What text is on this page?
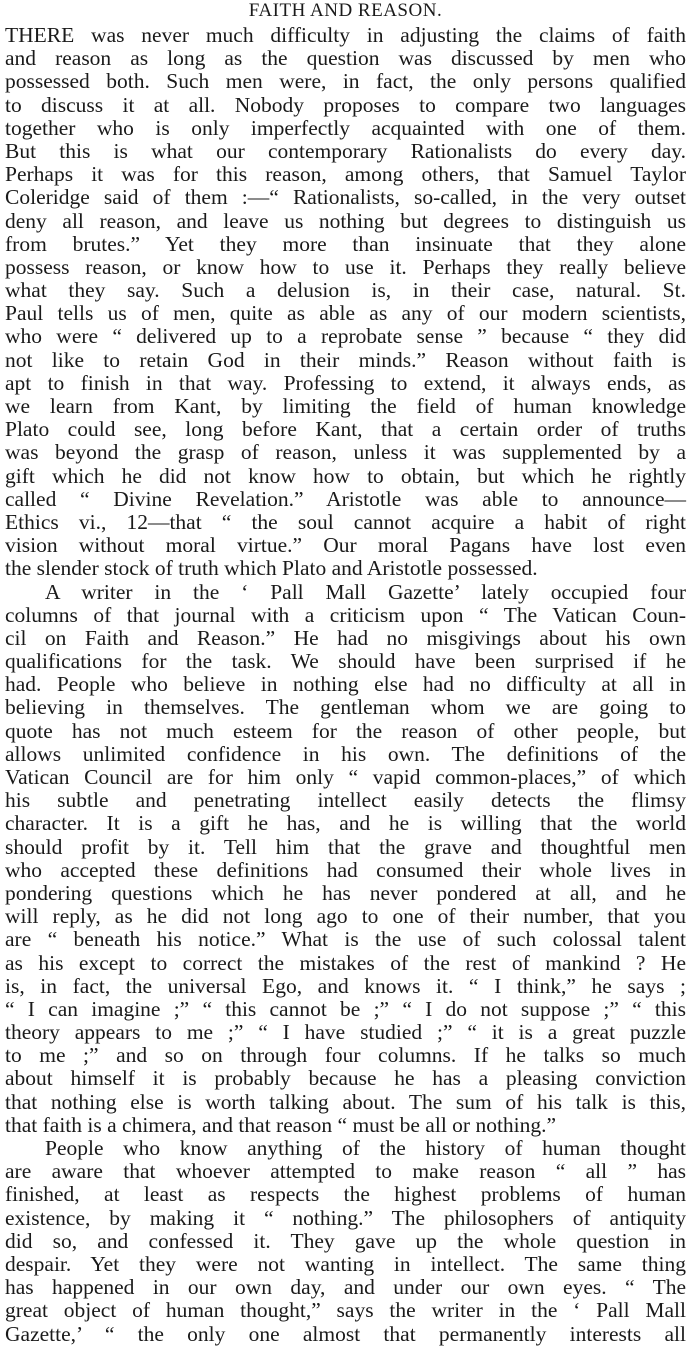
FAITH AND REASON.
THERE was never much difficulty in adjusting the claims of faith
and reason as long as the question was discussed by men who
possessed both. Such men were, in fact, the only persons qualified
to discuss it at all. Nobody proposes to compare two languages
together who is only imperfectly acquainted with one of them.
But this is what our contemporary Rationalists do every day.
Perhaps it was for this reason, among others, that Samuel Taylor
Coleridge said of them :—“ Rationalists, so-called, in the very outset
deny all reason, and leave us nothing but degrees to distinguish us
from brutes.” Yet they more than insinuate that they alone
possess reason, or know how to use it. Perhaps they really believe
what they say. Such a delusion is, in their case, natural. St.
Paul tells us of men, quite as able as any of our modern scientists,
who were “ delivered up to a reprobate sense ” because “ they did
not like to retain God in their minds.” Reason without faith is
apt to finish in that way. Professing to extend, it always ends, as
we learn from Kant, by limiting the field of human knowledge
Plato could see, long before Kant, that a certain order of truths
was beyond the grasp of reason, unless it was supplemented by a
gift which he did not know how to obtain, but which he rightly
called “ Divine Revelation.” Aristotle was able to announce—
Ethics vi., 12—that “ the soul cannot acquire a habit of right
vision without moral virtue.” Our moral Pagans have lost even
the slender stock of truth which Plato and Aristotle possessed.
A writer in the ‘ Pall Mall Gazette’ lately occupied four
columns of that journal with a criticism upon “ The Vatican Coun-
cil on Faith and Reason.” He had no misgivings about his own
qualifications for the task. We should have been surprised if he
had. People who believe in nothing else had no difficulty at all in
believing in themselves. The gentleman whom we are going to
quote has not much esteem for the reason of other people, but
allows unlimited confidence in his own. The definitions of the
Vatican Council are for him only “ vapid common-places,” of which
his subtle and penetrating intellect easily detects the flimsy
character. It is a gift he has, and he is willing that the world
should profit by it. Tell him that the grave and thoughtful men
who accepted these definitions had consumed their whole lives in
pondering questions which he has never pondered at all, and he
will reply, as he did not long ago to one of their number, that you
are “ beneath his notice.” What is the use of such colossal talent
as his except to correct the mistakes of the rest of mankind ? He
is, in fact, the universal Ego, and knows it. “ I think,” he says ;
“ I can imagine ;” “ this cannot be ;” “ I do not suppose ;” “ this
theory appears to me ;” “ I have studied ;” “ it is a great puzzle
to me ;” and so on through four columns. If he talks so much
about himself it is probably because he has a pleasing conviction
that nothing else is worth talking about. The sum of his talk is this,
that faith is a chimera, and that reason “ must be all or nothing.”
People who know anything of the history of human thought
are aware that whoever attempted to make reason “ all ” has
finished, at least as respects the highest problems of human
existence, by making it “ nothing.” The philosophers of antiquity
did so, and confessed it. They gave up the whole question in
despair. Yet they were not wanting in intellect. The same thing
has happened in our own day, and under our own eyes. “ The
great object of human thought,” says the writer in the ‘ Pall Mall
Gazette,’ “ the only one almost that permanently interests all
